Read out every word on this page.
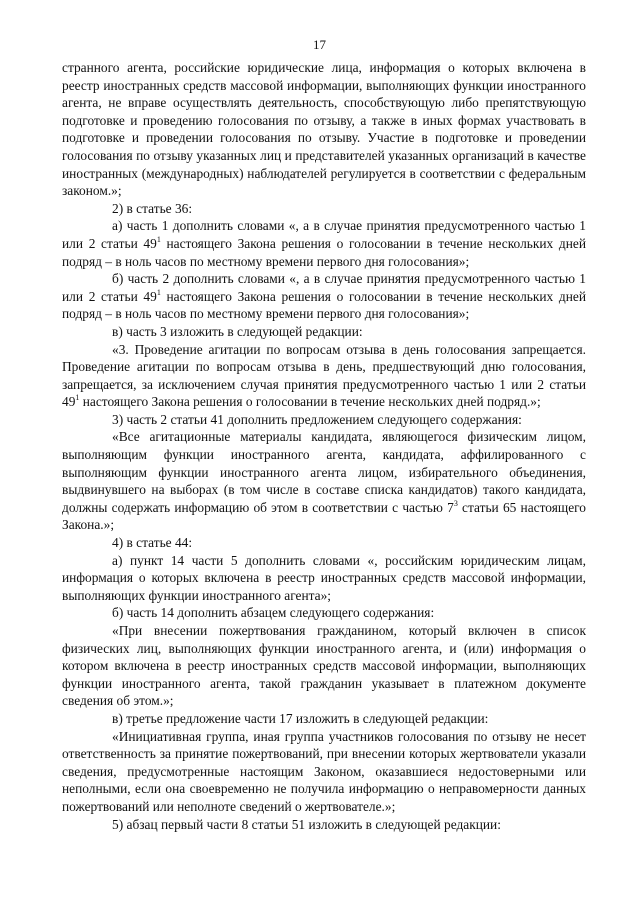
17

странного агента, российские юридические лица, информация о которых включена в реестр иностранных средств массовой информации, выполняющих функции иностранного агента, не вправе осуществлять деятельность, способствующую либо препятствующую подготовке и проведению голосования по отзыву, а также в иных формах участвовать в подготовке и проведении голосования по отзыву. Участие в подготовке и проведении голосования по отзыву указанных лиц и представителей указанных организаций в качестве иностранных (международных) наблюдателей регулируется в соответствии с федеральным законом.»;

2) в статье 36:

а) часть 1 дополнить словами «, а в случае принятия предусмотренного частью 1 или 2 статьи $49^1$ настоящего Закона решения о голосовании в течение нескольких дней подряд – в ноль часов по местному времени первого дня голосования»;

б) часть 2 дополнить словами «, а в случае принятия предусмотренного частью 1 или 2 статьи $49^1$ настоящего Закона решения о голосовании в течение нескольких дней подряд – в ноль часов по местному времени первого дня голосования»;

в) часть 3 изложить в следующей редакции:

«3. Проведение агитации по вопросам отзыва в день голосования запрещается. Проведение агитации по вопросам отзыва в день, предшествующий дню голосования, запрещается, за исключением случая принятия предусмотренного частью 1 или 2 статьи $49^1$ настоящего Закона решения о голосовании в течение нескольких дней подряд.»;

3) часть 2 статьи 41 дополнить предложением следующего содержания:

«Все агитационные материалы кандидата, являющегося физическим лицом, выполняющим функции иностранного агента, кандидата, аффилированного с выполняющим функции иностранного агента лицом, избирательного объединения, выдвинувшего на выборах (в том числе в составе списка кандидатов) такого кандидата, должны содержать информацию об этом в соответствии с частью $7^3$ статьи 65 настоящего Закона.»;

4) в статье 44:

а) пункт 14 части 5 дополнить словами «, российским юридическим лицам, информация о которых включена в реестр иностранных средств массовой информации, выполняющих функции иностранного агента»;

б) часть 14 дополнить абзацем следующего содержания:

«При внесении пожертвования гражданином, который включен в список физических лиц, выполняющих функции иностранного агента, и (или) информация о котором включена в реестр иностранных средств массовой информации, выполняющих функции иностранного агента, такой гражданин указывает в платежном документе сведения об этом.»;

в) третье предложение части 17 изложить в следующей редакции:

«Инициативная группа, иная группа участников голосования по отзыву не несет ответственность за принятие пожертвований, при внесении которых жертвователи указали сведения, предусмотренные настоящим Законом, оказавшиеся недостоверными или неполными, если она своевременно не получила информацию о неправомерности данных пожертвований или неполноте сведений о жертвователе.»;

5) абзац первый части 8 статьи 51 изложить в следующей редакции:
